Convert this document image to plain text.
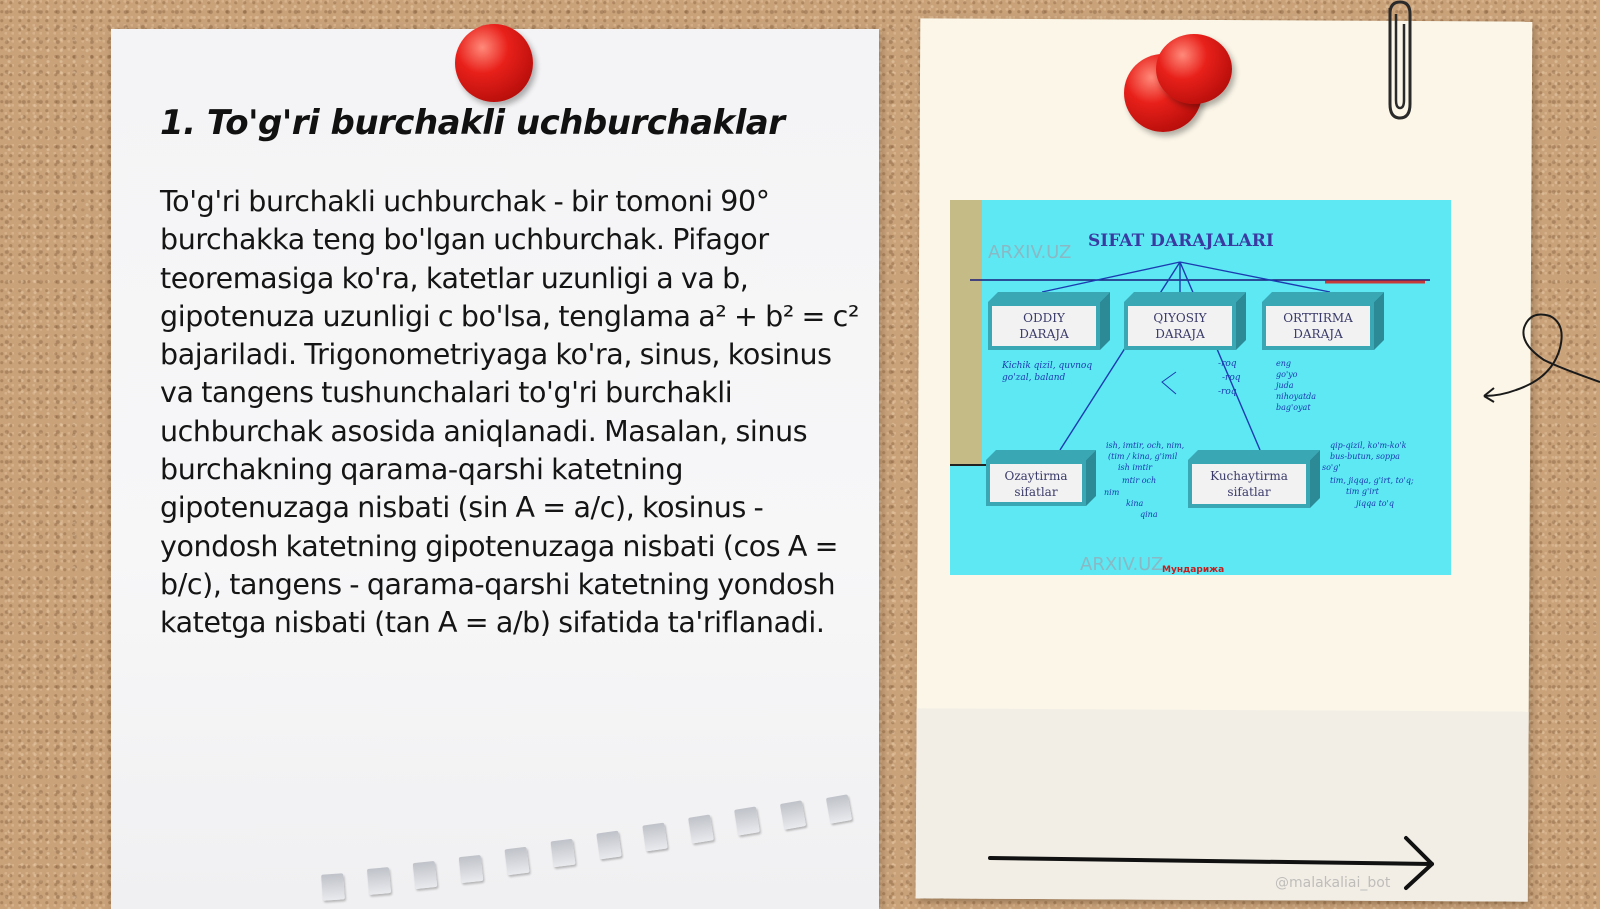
1. To'g'ri burchakli uchburchaklar

To'g'ri burchakli uchburchak - bir tomoni 90° burchakka teng bo'lgan uchburchak. Pifagor teoremasiga ko'ra, katetlar uzunligi a va b, gipotenuza uzunligi c bo'lsa, tenglama a² + b² = c² bajariladi. Trigonometriyaga ko'ra, sinus, kosinus va tangens tushunchalari to'g'ri burchakli uchburchak asosida aniqlanadi. Masalan, sinus burchakning qarama-qarshi katetning gipotenuzaga nisbati (sin A = a/c), kosinus - yondosh katetning gipotenuzaga nisbati (cos A = b/c), tangens - qarama-qarshi katetning yondosh katetga nisbati (tan A = a/b) sifatida ta'riflanadi.

ARXIV.UZ
SIFAT DARAJALARI
ODDIY
DARAJA
QIYOSIY
DARAJA
ORTTIRMA
DARAJA
Ozaytirma
sifatlar
Kuchaytirma
sifatlar
Kichik qizil, quvnoq
go'zal, baland
-roq
-roq
-roq
eng
go'yo
juda
nihoyatda
bag'oyat
ish, imtir, och, nim,
(tim / kina, g'imil
ish imtir
mtir och
nim
kina
qina
qip-qizil, ko'm-ko'k
bus-butun, soppa
so'g'
tim, jiqqa, g'irt, to'q;
tim g'irt
jiqqa to'q
ARXIV.UZ
Мундарижа
@malakaliai_bot
